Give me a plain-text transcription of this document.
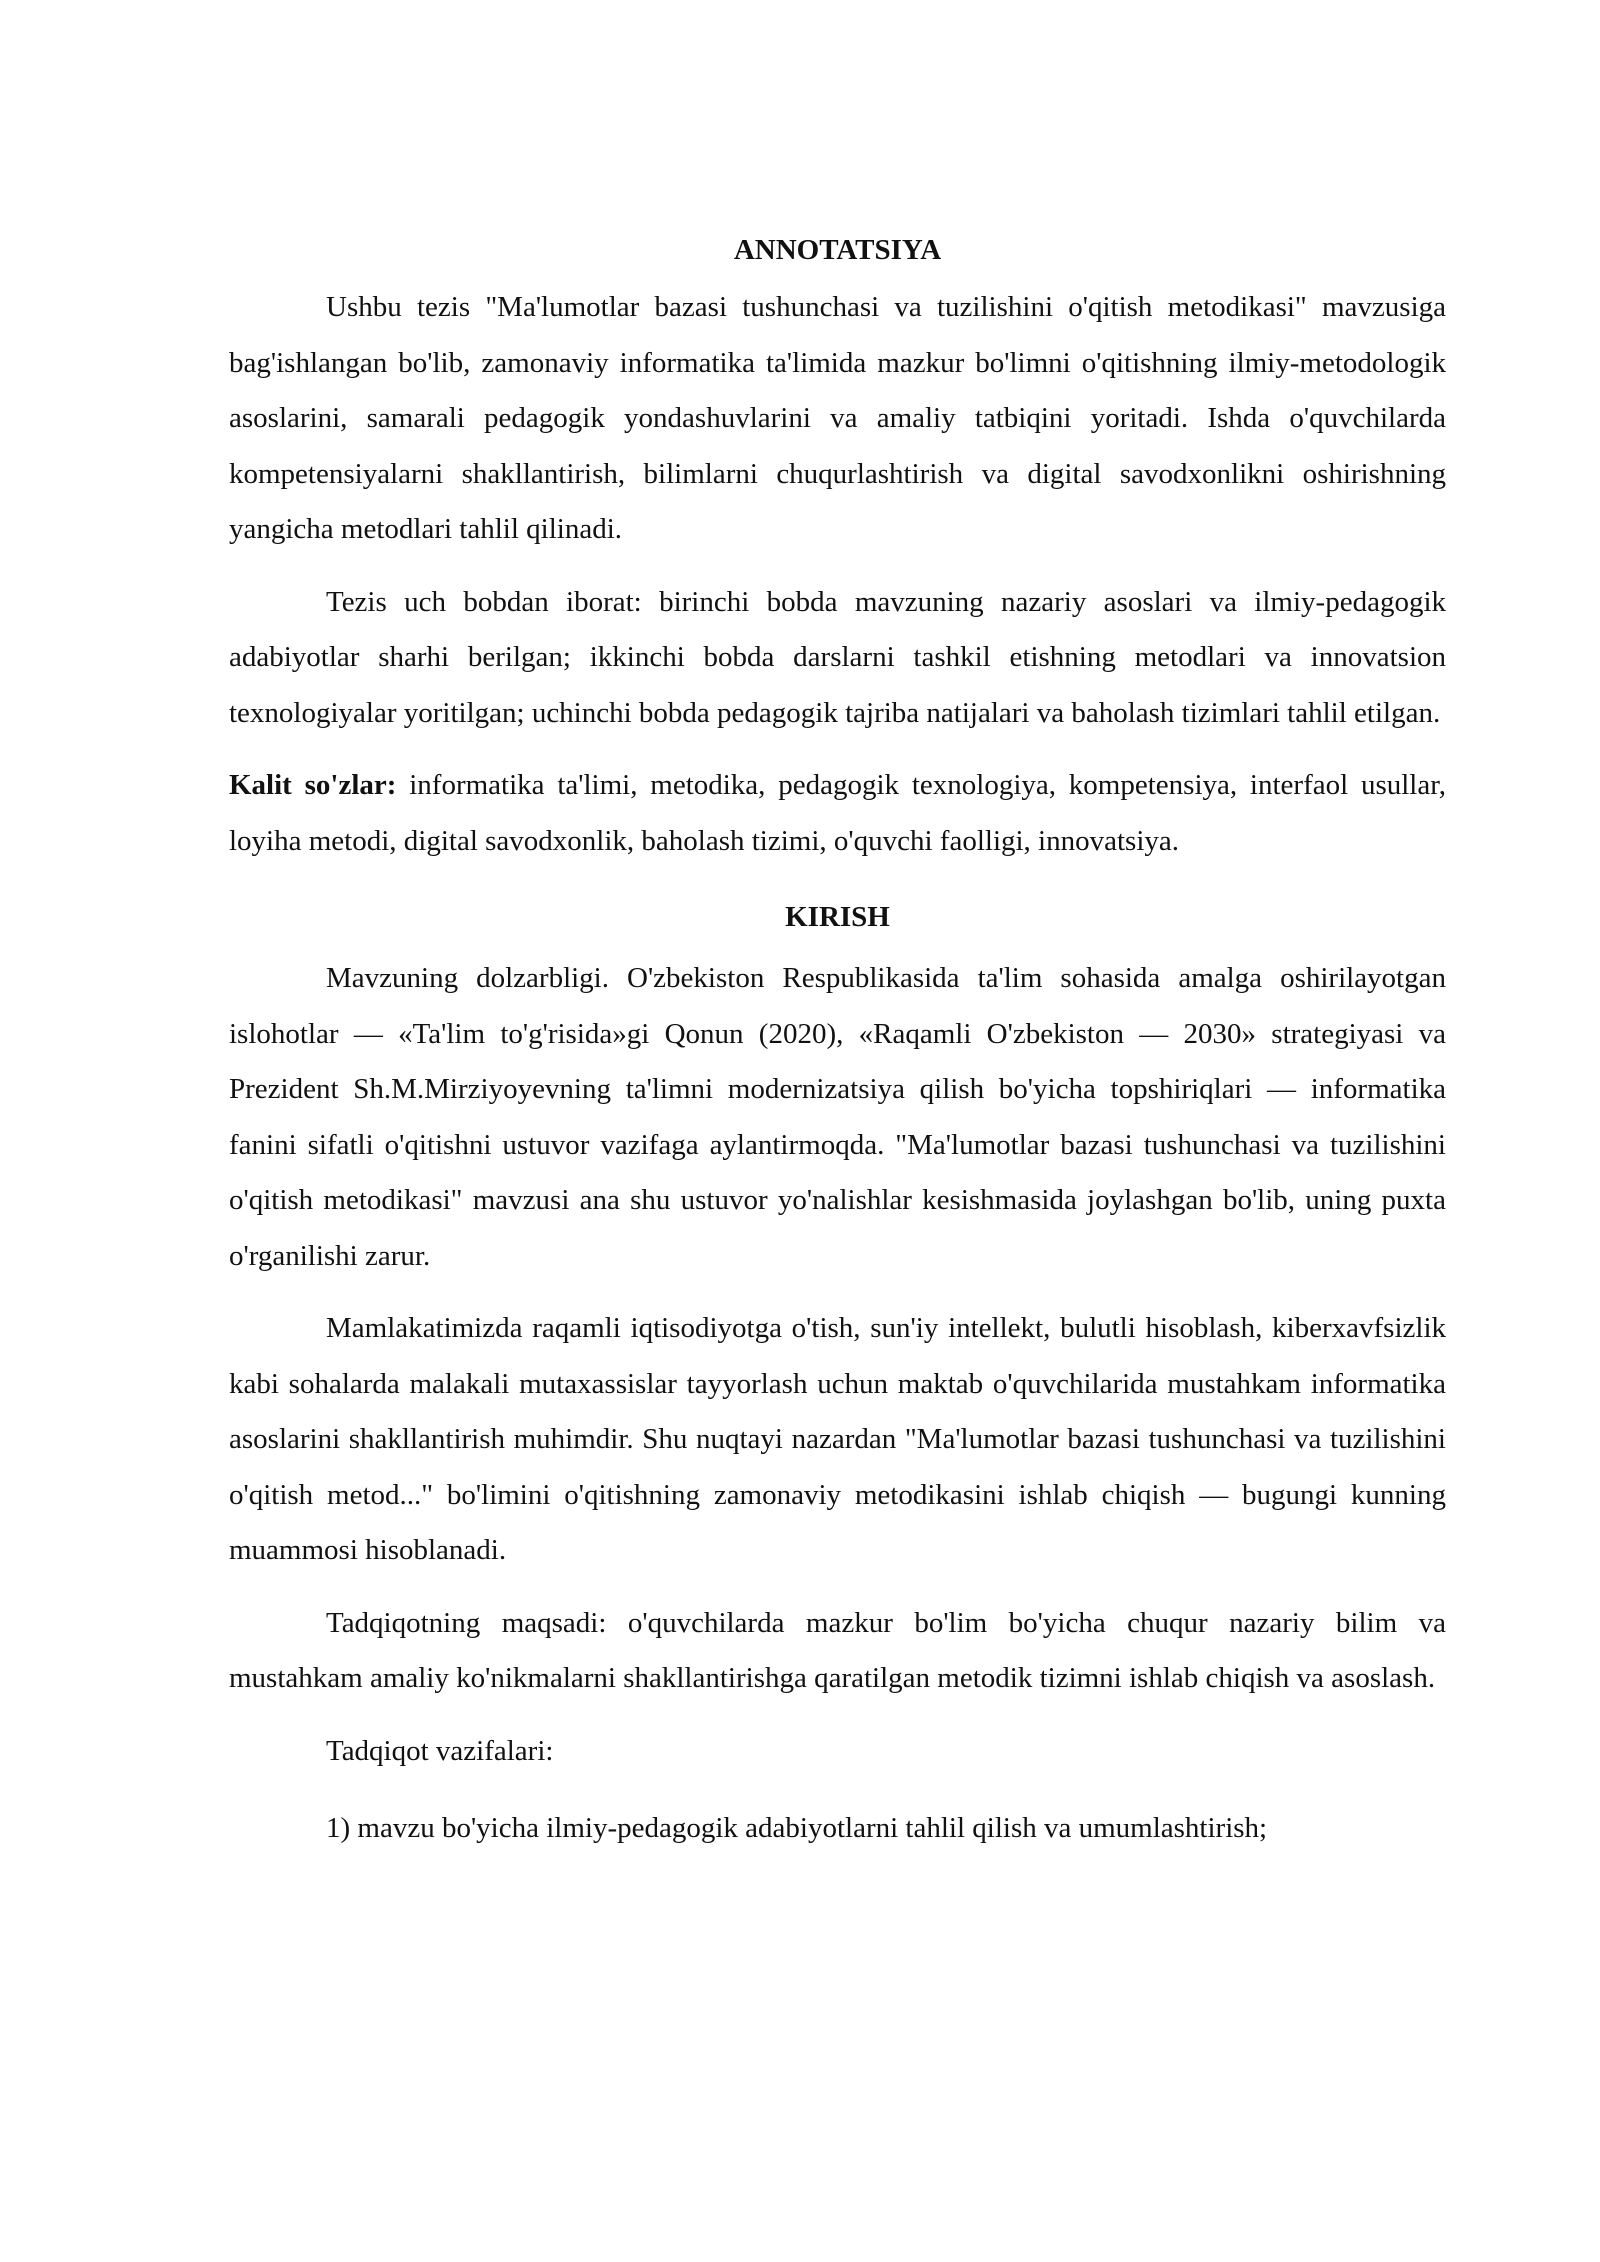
ANNOTATSIYA

Ushbu tezis "Ma'lumotlar bazasi tushunchasi va tuzilishini o'qitish metodikasi" mavzusiga bag'ishlangan bo'lib, zamonaviy informatika ta'limida mazkur bo'limni o'qitishning ilmiy-metodologik asoslarini, samarali pedagogik yondashuvlarini va amaliy tatbiqini yoritadi. Ishda o'quvchilarda kompetensiyalarni shakllantirish, bilimlarni chuqurlashtirish va digital savodxonlikni oshirishning yangicha metodlari tahlil qilinadi.

Tezis uch bobdan iborat: birinchi bobda mavzuning nazariy asoslari va ilmiy-pedagogik adabiyotlar sharhi berilgan; ikkinchi bobda darslarni tashkil etishning metodlari va innovatsion texnologiyalar yoritilgan; uchinchi bobda pedagogik tajriba natijalari va baholash tizimlari tahlil etilgan.

Kalit so'zlar: informatika ta'limi, metodika, pedagogik texnologiya, kompetensiya, interfaol usullar, loyiha metodi, digital savodxonlik, baholash tizimi, o'quvchi faolligi, innovatsiya.

KIRISH

Mavzuning dolzarbligi. O'zbekiston Respublikasida ta'lim sohasida amalga oshirilayotgan islohotlar — «Ta'lim to'g'risida»gi Qonun (2020), «Raqamli O'zbekiston — 2030» strategiyasi va Prezident Sh.M.Mirziyoyevning ta'limni modernizatsiya qilish bo'yicha topshiriqlari — informatika fanini sifatli o'qitishni ustuvor vazifaga aylantirmoqda. "Ma'lumotlar bazasi tushunchasi va tuzilishini o'qitish metodikasi" mavzusi ana shu ustuvor yo'nalishlar kesishmasida joylashgan bo'lib, uning puxta o'rganilishi zarur.

Mamlakatimizda raqamli iqtisodiyotga o'tish, sun'iy intellekt, bulutli hisoblash, kiberxavfsizlik kabi sohalarda malakali mutaxassislar tayyorlash uchun maktab o'quvchilarida mustahkam informatika asoslarini shakllantirish muhimdir. Shu nuqtayi nazardan "Ma'lumotlar bazasi tushunchasi va tuzilishini o'qitish metod..." bo'limini o'qitishning zamonaviy metodikasini ishlab chiqish — bugungi kunning muammosi hisoblanadi.

Tadqiqotning maqsadi: o'quvchilarda mazkur bo'lim bo'yicha chuqur nazariy bilim va mustahkam amaliy ko'nikmalarni shakllantirishga qaratilgan metodik tizimni ishlab chiqish va asoslash.

Tadqiqot vazifalari:

1) mavzu bo'yicha ilmiy-pedagogik adabiyotlarni tahlil qilish va umumlashtirish;
